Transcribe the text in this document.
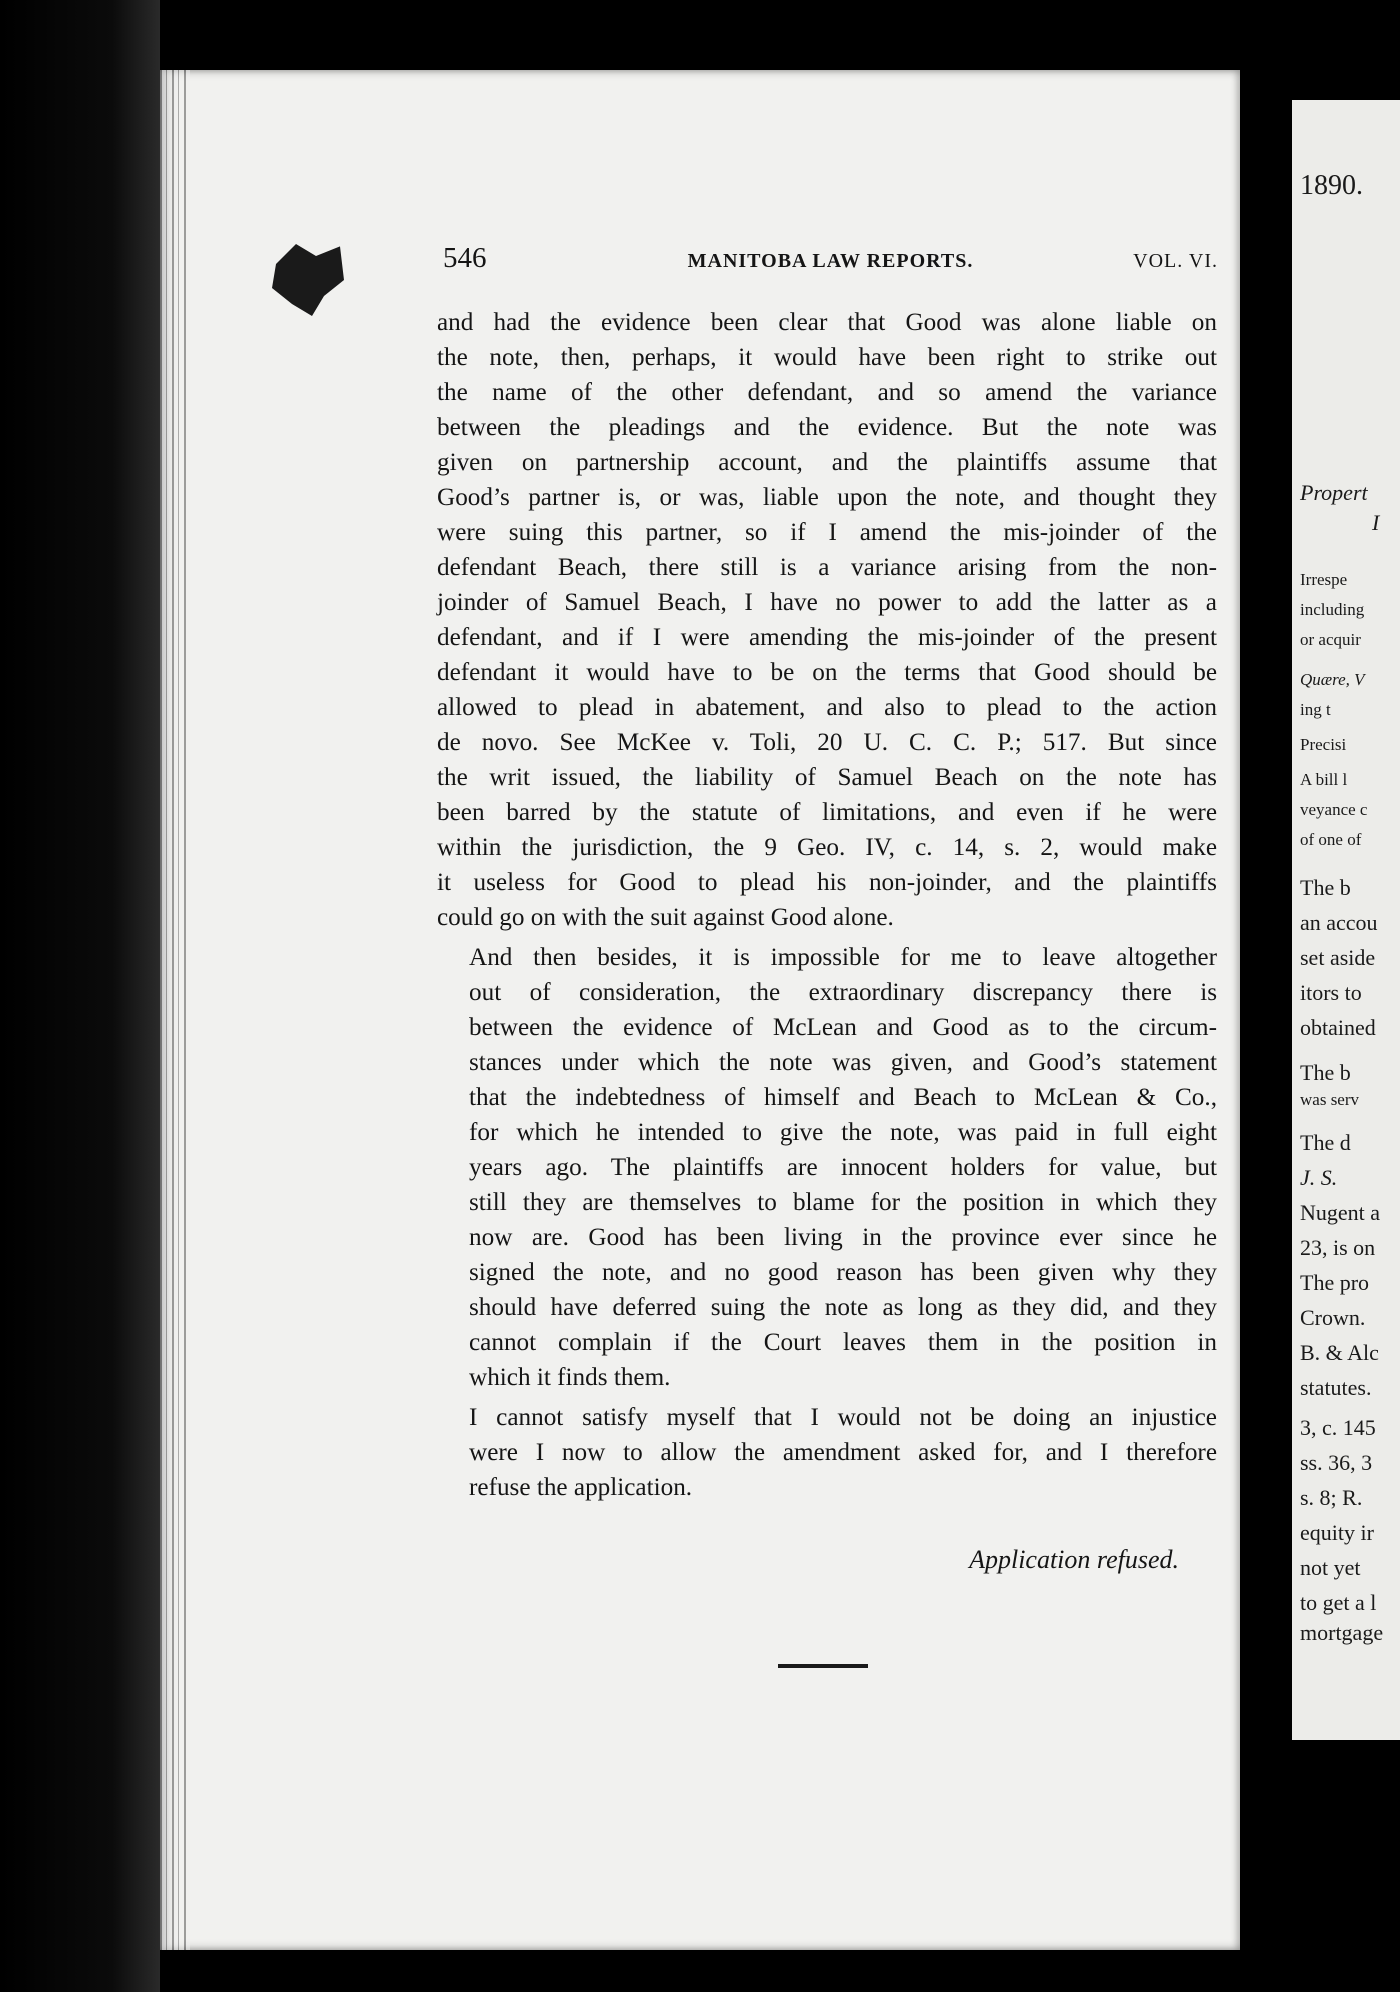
546	MANITOBA LAW REPORTS.	VOL. VI.

and had the evidence been clear that Good was alone liable on
the note, then, perhaps, it would have been right to strike out
the name of the other defendant, and so amend the variance
between the pleadings and the evidence. But the note was
given on partnership account, and the plaintiffs assume that
Good’s partner is, or was, liable upon the note, and thought they
were suing this partner, so if I amend the mis-joinder of the
defendant Beach, there still is a variance arising from the non-
joinder of Samuel Beach, I have no power to add the latter as a
defendant, and if I were amending the mis-joinder of the present
defendant it would have to be on the terms that Good should be
allowed to plead in abatement, and also to plead to the action
de novo. See McKee v. Toli, 20 U. C. C. P.; 517. But since
the writ issued, the liability of Samuel Beach on the note has
been barred by the statute of limitations, and even if he were
within the jurisdiction, the 9 Geo. IV, c. 14, s. 2, would make
it useless for Good to plead his non-joinder, and the plaintiffs
could go on with the suit against Good alone.

And then besides, it is impossible for me to leave altogether
out of consideration, the extraordinary discrepancy there is
between the evidence of McLean and Good as to the circum-
stances under which the note was given, and Good’s statement
that the indebtedness of himself and Beach to McLean & Co.,
for which he intended to give the note, was paid in full eight
years ago. The plaintiffs are innocent holders for value, but
still they are themselves to blame for the position in which they
now are. Good has been living in the province ever since he
signed the note, and no good reason has been given why they
should have deferred suing the note as long as they did, and they
cannot complain if the Court leaves them in the position in
which it finds them.

I cannot satisfy myself that I would not be doing an injustice
were I now to allow the amendment asked for, and I therefore
refuse the application.

Application refused.
1890.
Propert
I
Irrespe
including
or acquir
Quære, V
ing t
Precisi
A bill l
veyance c
of one of
The b
an accou
set aside
itors to
obtained
The b
was serv
The d
J. S.
Nugent a
23, is on
The pro
Crown.
B. & Alc
statutes.
3, c. 145
ss. 36, 3
s. 8; R.
equity ir
not yet
to get a l
mortgage
